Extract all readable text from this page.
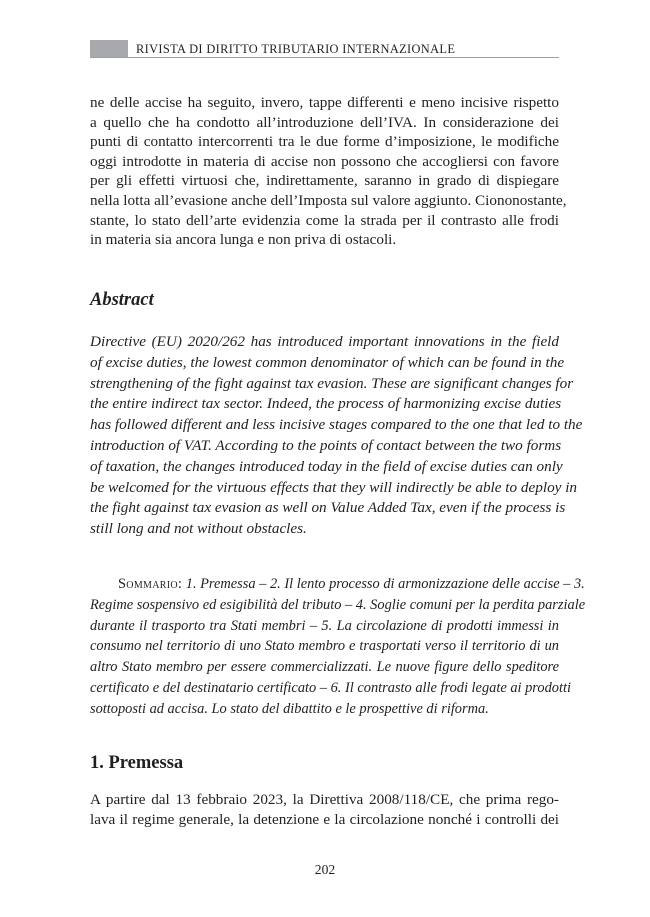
RIVISTA DI DIRITTO TRIBUTARIO INTERNAZIONALE
ne delle accise ha seguito, invero, tappe differenti e meno incisive rispetto
a quello che ha condotto all’introduzione dell’IVA. In considerazione dei
punti di contatto intercorrenti tra le due forme d’imposizione, le modifiche
oggi introdotte in materia di accise non possono che accogliersi con favore
per gli effetti virtuosi che, indirettamente, saranno in grado di dispiegare
nella lotta all’evasione anche dell’Imposta sul valore aggiunto. Ciononostante,
stante, lo stato dell’arte evidenzia come la strada per il contrasto alle frodi
in materia sia ancora lunga e non priva di ostacoli.
Abstract
Directive (EU) 2020/262 has introduced important innovations in the field
of excise duties, the lowest common denominator of which can be found in the
strengthening of the fight against tax evasion. These are significant changes for
the entire indirect tax sector. Indeed, the process of harmonizing excise duties
has followed different and less incisive stages compared to the one that led to the
introduction of VAT. According to the points of contact between the two forms
of taxation, the changes introduced today in the field of excise duties can only
be welcomed for the virtuous effects that they will indirectly be able to deploy in
the fight against tax evasion as well on Value Added Tax, even if the process is
still long and not without obstacles.
Sommario: 1. Premessa – 2. Il lento processo di armonizzazione delle accise – 3.
Regime sospensivo ed esigibilità del tributo – 4. Soglie comuni per la perdita parziale
durante il trasporto tra Stati membri – 5. La circolazione di prodotti immessi in
consumo nel territorio di uno Stato membro e trasportati verso il territorio di un
altro Stato membro per essere commercializzati. Le nuove figure dello speditore
certificato e del destinatario certificato – 6. Il contrasto alle frodi legate ai prodotti
sottoposti ad accisa. Lo stato del dibattito e le prospettive di riforma.
1. Premessa
A partire dal 13 febbraio 2023, la Direttiva 2008/118/CE, che prima rego-
lava il regime generale, la detenzione e la circolazione nonché i controlli dei
202
